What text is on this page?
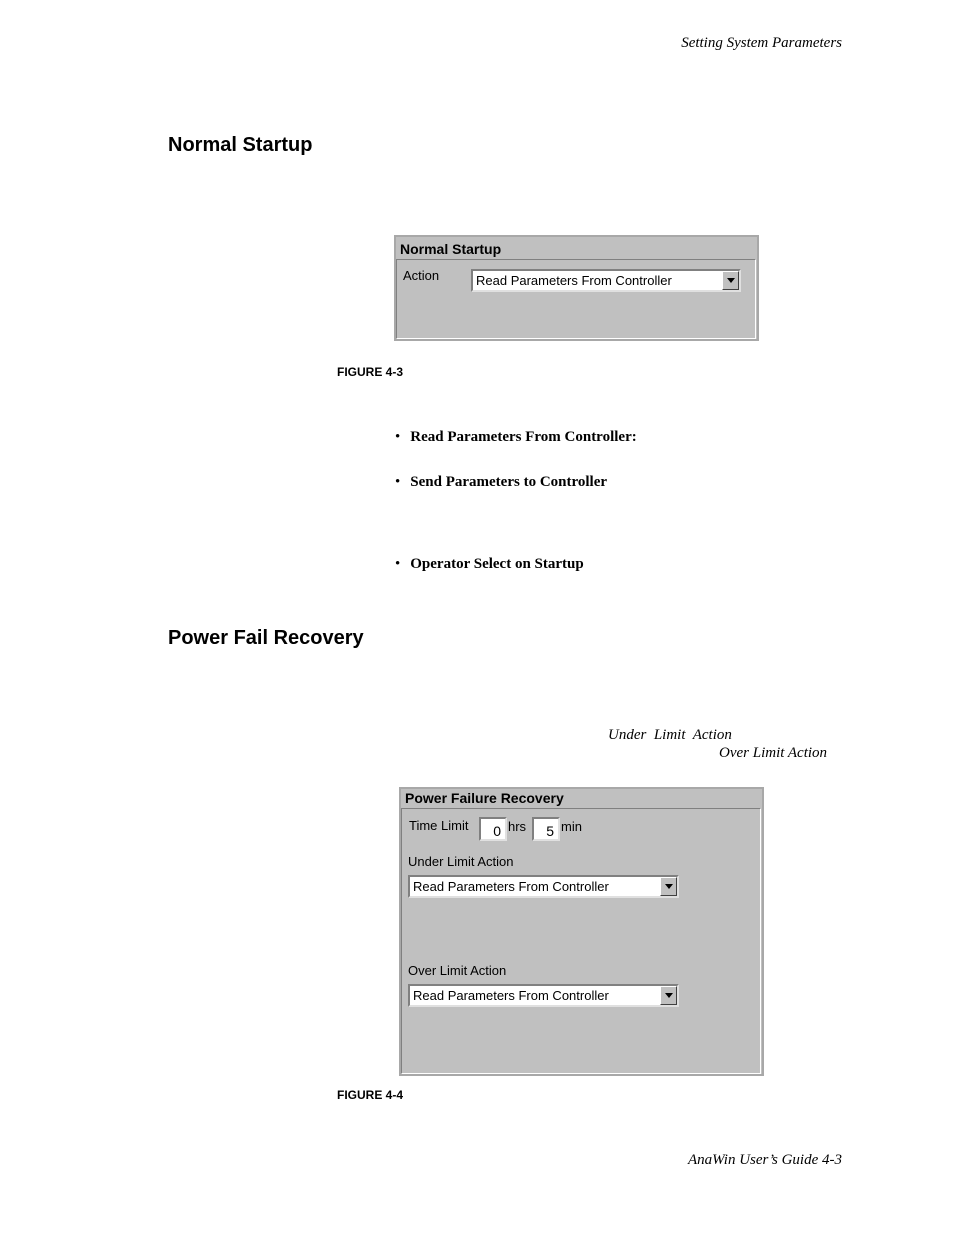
Setting System Parameters
Normal Startup
Normal Startup
Action	Read Parameters From Controller
FIGURE 4-3
• Read Parameters From Controller:
• Send Parameters to Controller
• Operator Select on Startup
Power Fail Recovery
Under  Limit  Action
Over Limit Action
Power Failure Recovery
Time Limit	0 hrs	5 min
Under Limit Action
Read Parameters From Controller
Over Limit Action
Read Parameters From Controller
FIGURE 4-4
AnaWin User’s Guide 4-3
